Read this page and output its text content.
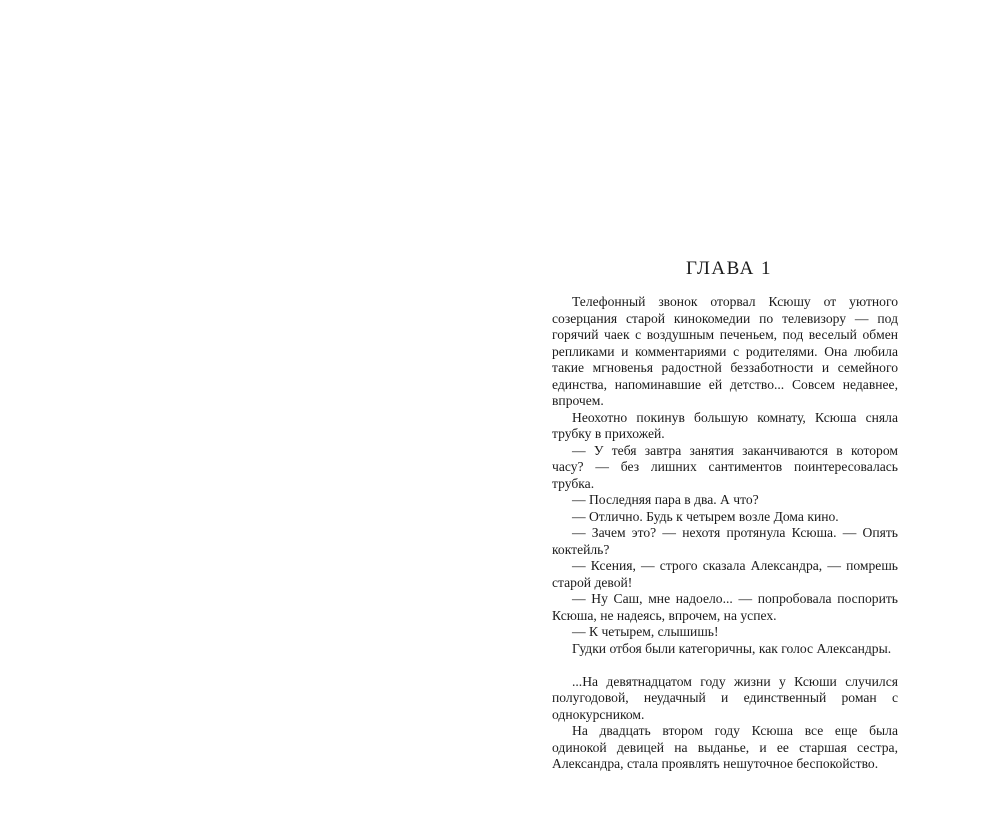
ГЛАВА 1

Телефонный звонок оторвал Ксюшу от уютного созерцания старой кинокомедии по телевизору — под горячий чаек с воздушным печеньем, под веселый обмен репликами и комментариями с родителями. Она любила такие мгновенья радостной беззаботности и семейного единства, напоминавшие ей детство... Совсем недавнее, впрочем.

Неохотно покинув большую комнату, Ксюша сняла трубку в прихожей.

— У тебя завтра занятия заканчиваются в котором часу? — без лишних сантиментов поинтересовалась трубка.

— Последняя пара в два. А что?

— Отлично. Будь к четырем возле Дома кино.

— Зачем это? — нехотя протянула Ксюша. — Опять коктейль?

— Ксения, — строго сказала Александра, — помрешь старой девой!

— Ну Саш, мне надоело... — попробовала поспорить Ксюша, не надеясь, впрочем, на успех.

— К четырем, слышишь!

Гудки отбоя были категоричны, как голос Александры.

...На девятнадцатом году жизни у Ксюши случился полугодовой, неудачный и единственный роман с однокурсником.

На двадцать втором году Ксюша все еще была одинокой девицей на выданье, и ее старшая сестра, Александра, стала проявлять нешуточное беспокойство.
